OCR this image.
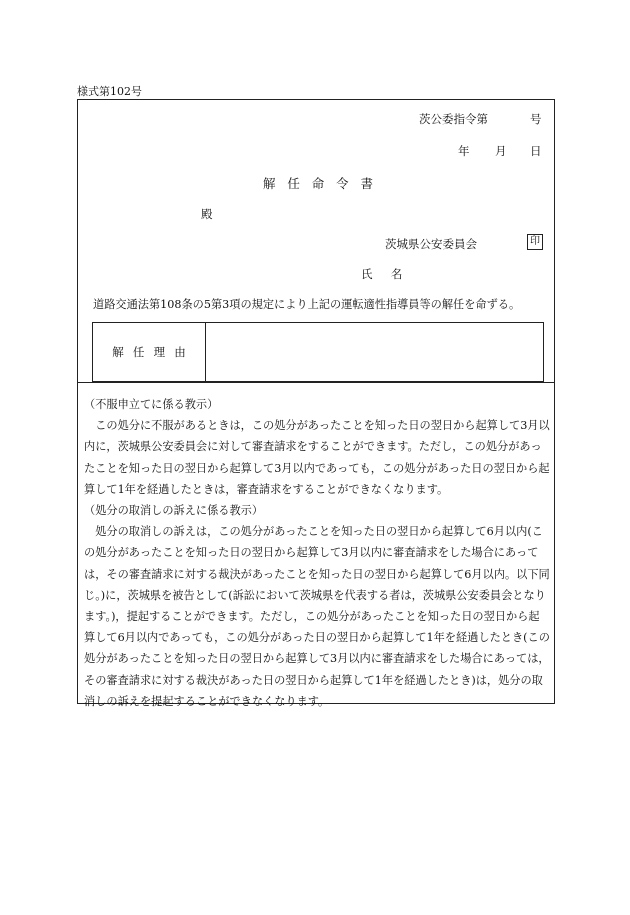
様式第102号
茨公委指令第	号
年 月 日
解任命令書
殿
茨城県公安委員会	印
氏名
道路交通法第108条の5第3項の規定により上記の運転適性指導員等の解任を命ずる。
解任理由

（不服申立てに係る教示）

この処分に不服があるときは，この処分があったことを知った日の翌日から起算して3月以内に，茨城県公安委員会に対して審査請求をすることができます。ただし，この処分があったことを知った日の翌日から起算して3月以内であっても，この処分があった日の翌日から起算して1年を経過したときは，審査請求をすることができなくなります。

（処分の取消しの訴えに係る教示）

処分の取消しの訴えは，この処分があったことを知った日の翌日から起算して6月以内(この処分があったことを知った日の翌日から起算して3月以内に審査請求をした場合にあっては，その審査請求に対する裁決があったことを知った日の翌日から起算して6月以内。以下同じ。)に，茨城県を被告として(訴訟において茨城県を代表する者は，茨城県公安委員会となります。)，提起することができます。ただし，この処分があったことを知った日の翌日から起算して6月以内であっても，この処分があった日の翌日から起算して1年を経過したとき(この処分があったことを知った日の翌日から起算して3月以内に審査請求をした場合にあっては，その審査請求に対する裁決があった日の翌日から起算して1年を経過したとき)は，処分の取消しの訴えを提起することができなくなります。
